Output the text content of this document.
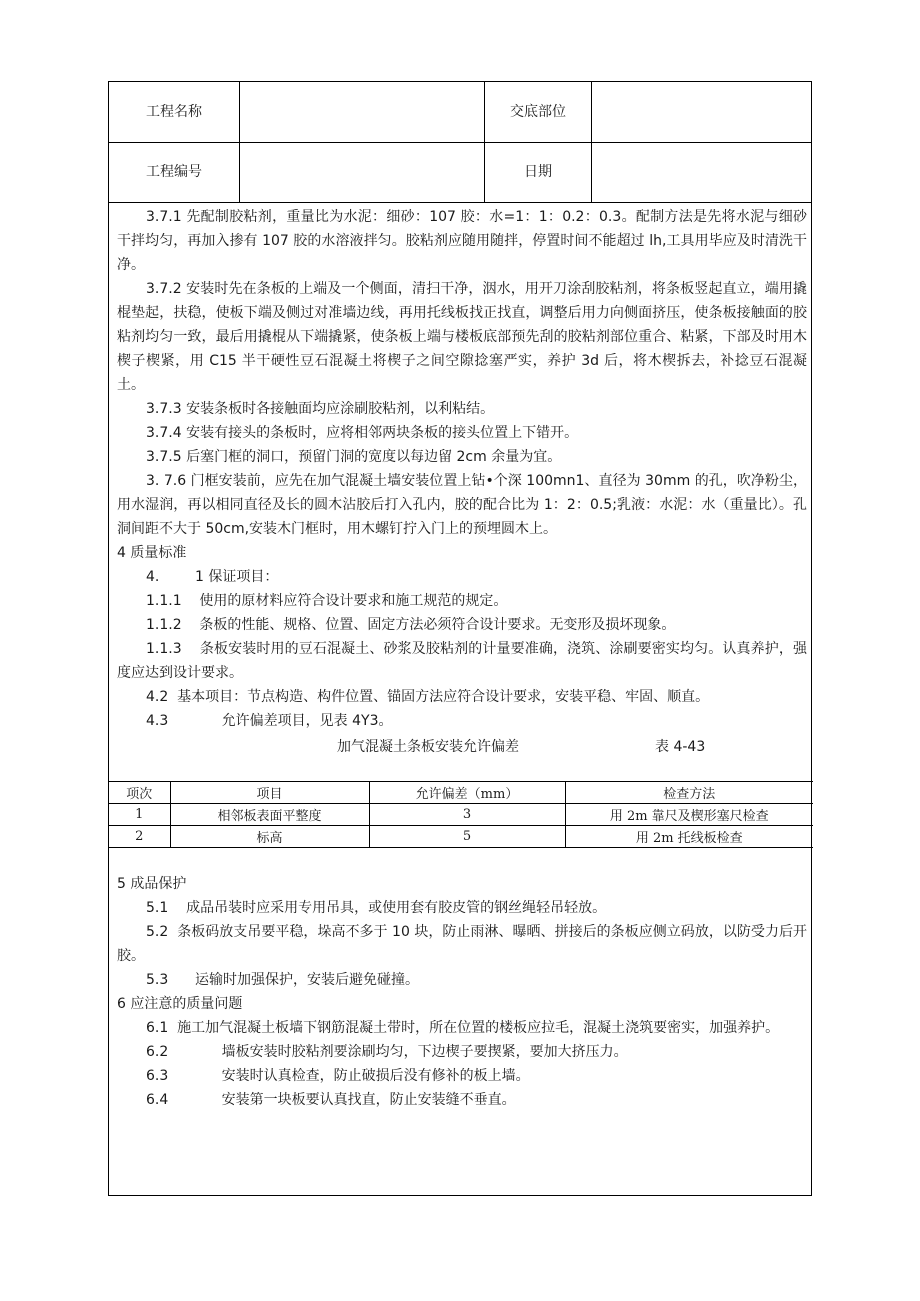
工程名称	交底部位
工程编号	日期
3.7.1 先配制胶粘剂，重量比为水泥：细砂：107 胶：水=1：1：0.2：0.3。配制方法是先将水泥与细砂干拌均匀，再加入掺有 107 胶的水溶液拌匀。胶粘剂应随用随拌，停置时间不能超过 lh,工具用毕应及时清洗干净。
3.7.2 安装时先在条板的上端及一个侧面，清扫干净，洇水，用开刀涂刮胶粘剂，将条板竖起直立，端用撬棍垫起，扶稳，使板下端及侧过对准墙边线，再用托线板找正找直，调整后用力向侧面挤压，使条板接触面的胶粘剂均匀一致，最后用撬棍从下端撬紧，使条板上端与楼板底部预先刮的胶粘剂部位重合、粘紧，下部及时用木楔子楔紧，用 C15 半干硬性豆石混凝土将楔子之间空隙捻塞严实，养护 3d 后，将木楔拆去，补捻豆石混凝土。
3.7.3 安装条板时各接触面均应涂刷胶粘剂，以利粘结。
3.7.4 安装有接头的条板时，应将相邻两块条板的接头位置上下错开。
3.7.5 后塞门框的洞口，预留门洞的宽度以每边留 2cm 余量为宜。
3. 7.6 门框安装前，应先在加气混凝土墙安装位置上钻•个深 100mn1、直径为 30mm 的孔，吹净粉尘，用水湿润，再以相同直径及长的圆木沾胶后打入孔内，胶的配合比为 1：2：0.5;乳液：水泥：水（重量比）。孔洞间距不大于 50cm,安装木门框时，用木螺钉拧入门上的预埋圆木上。
4 质量标准
4.        1 保证项目：
1.1.1    使用的原材料应符合设计要求和施工规范的规定。
1.1.2    条板的性能、规格、位置、固定方法必须符合设计要求。无变形及损坏现象。
1.1.3    条板安装时用的豆石混凝土、砂浆及胶粘剂的计量要准确，浇筑、涂刷要密实均匀。认真养护，强度应达到设计要求。
4.2  基本项目：节点构造、构件位置、锚固方法应符合设计要求，安装平稳、牢固、顺直。
4.3            允许偏差项目，见表 4Y3。
加气混凝土条板安装允许偏差	表 4-43
项次	项目	允许偏差（mm）	检查方法
1	相邻板表面平整度	3	用 2m 靠尺及楔形塞尺检查
2	标高	5	用 2m 托线板检查
5 成品保护
5.1    成品吊装时应采用专用吊具，或使用套有胶皮管的钢丝绳轻吊轻放。
5.2  条板码放支吊要平稳，垛高不多于 10 块，防止雨淋、曝晒、拼接后的条板应侧立码放，以防受力后开胶。
5.3      运输时加强保护，安装后避免碰撞。
6 应注意的质量问题
6.1  施工加气混凝土板墙下钢筋混凝土带时，所在位置的楼板应拉毛，混凝土浇筑要密实，加强养护。
6.2            墙板安装时胶粘剂要涂刷均匀，下边楔子要揳紧，要加大挤压力。
6.3            安装时认真检查，防止破损后没有修补的板上墙。
6.4            安装第一块板要认真找直，防止安装缝不垂直。
